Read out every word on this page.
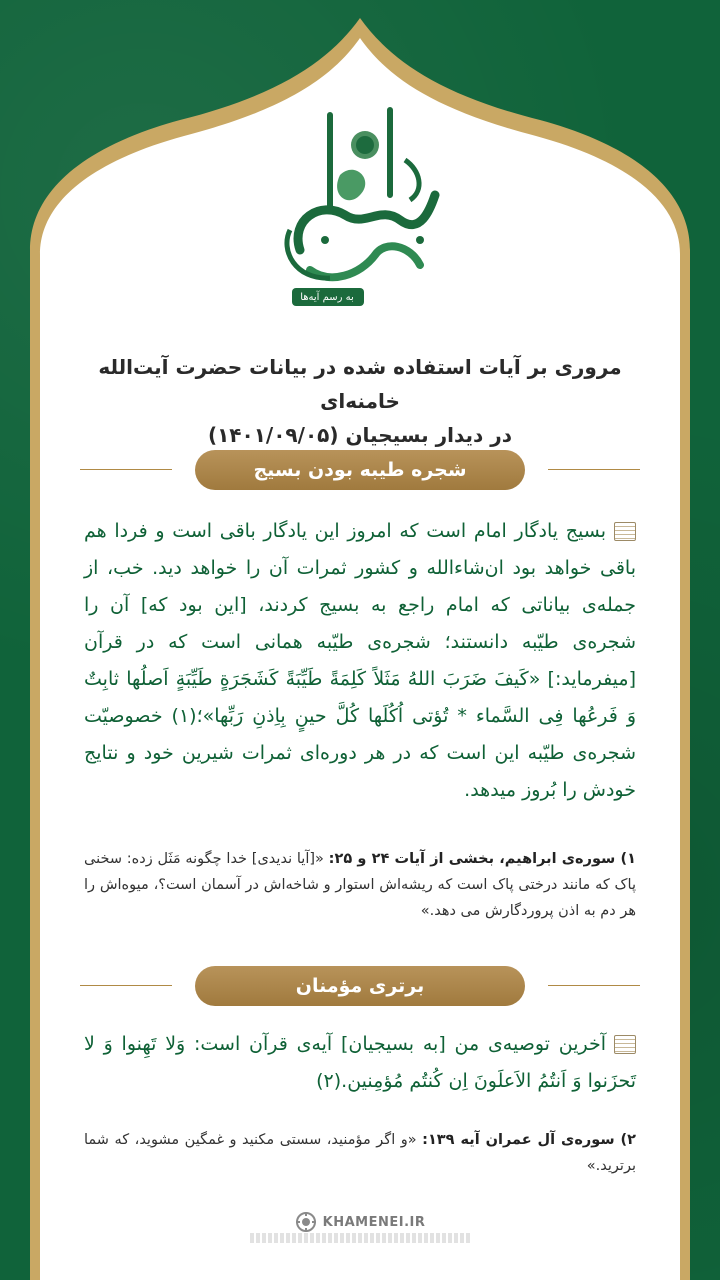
به رسم آیه‌ها
مروری بر آیات استفاده شده در بیانات حضرت آیت‌الله خامنه‌ای
در دیدار بسیجیان (۱۴۰۱/۰۹/۰۵)
شجره طیبه بودن بسیج
بسیج یادگار امام است که امروز این یادگار باقی است و فردا هم باقی خواهد بود ان‌شاءالله و کشور ثمرات آن را خواهد دید. خب، از جمله‌ی بیاناتی که امام راجع به بسیج کردند، [این بود که] آن را شجره‌ی طیّبه دانستند؛ شجره‌ی طیّبه همانی است که در قرآن [میفرماید:] «کَیفَ ضَرَبَ اللهُ مَثَلاً کَلِمَةً طَیِّبَةً کَشَجَرَةٍ طَیِّبَةٍ اَصلُها ثابِتٌ وَ فَرعُها فِی السَّماء * تُؤتی اُکُلَها کُلَّ حینٍ بِاِذنِ رَبِّها»؛(۱) خصوصیّت شجره‌ی طیّبه این است که در هر دوره‌ای ثمرات شیرین خود و نتایج خودش را بُروز میدهد.
۱) سوره‌ی ابراهیم، بخشی از آیات ۲۴ و ۲۵: «[آیا ندیدی] خدا چگونه مَثَل زده: سخنی پاک که مانند درختی پاک است که ریشه‌اش استوار و شاخه‌اش در آسمان است؟، میوه‌اش را هر دم به اذن پروردگارش می دهد.»
برتری مؤمنان
آخرین توصیه‌ی من [به بسیجیان] آیه‌ی قرآن است: وَلا تَهِنوا وَ لا تَحزَنوا وَ اَنتُمُ الاَعلَونَ اِن کُنتُم مُؤمِنین.(۲)
۲) سوره‌ی آل عمران آیه ۱۳۹: «و اگر مؤمنید، سستی مکنید و غمگین مشوید، که شما برترید.»
KHAMENEI.IR
